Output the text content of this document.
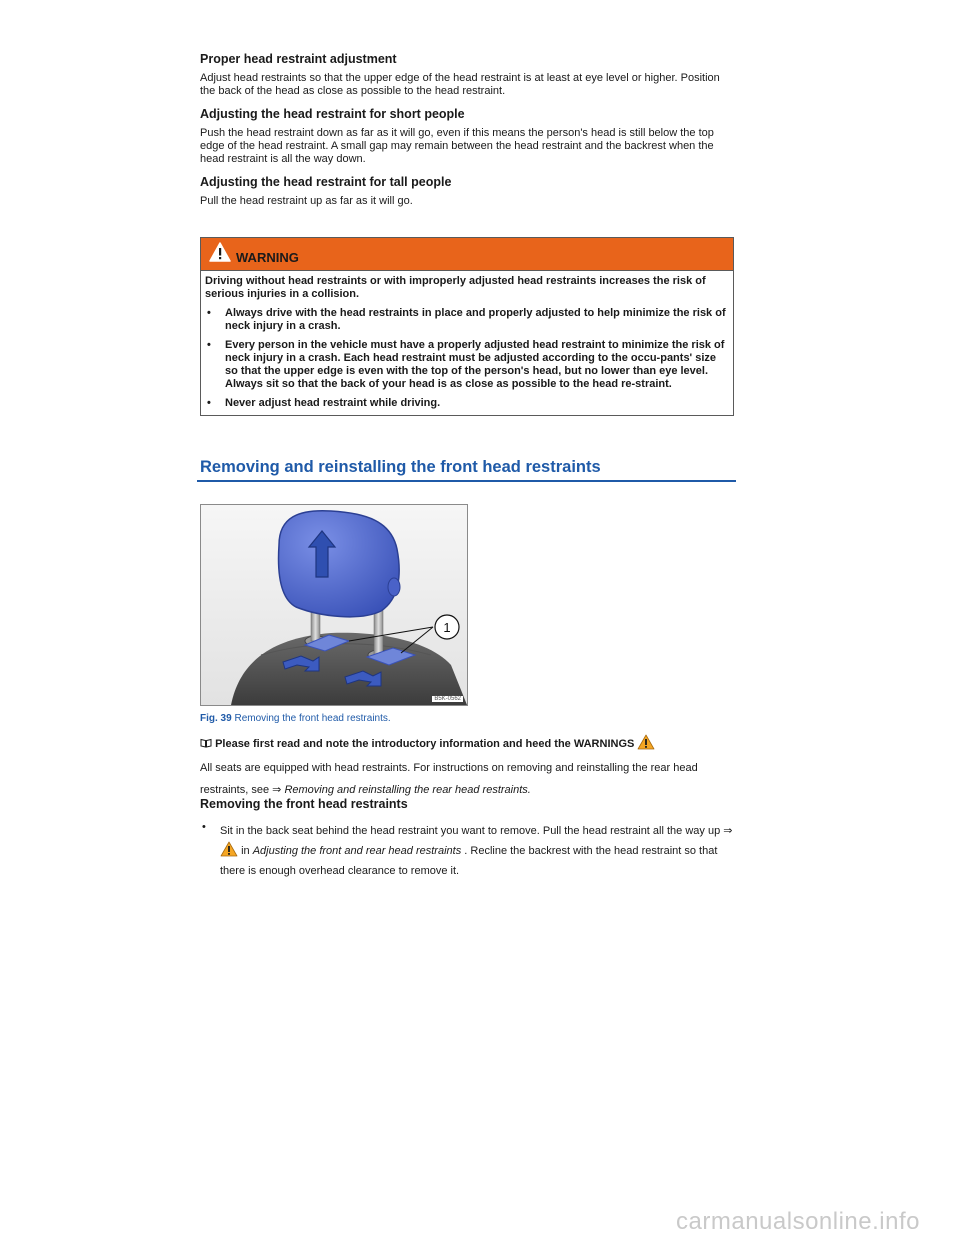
Proper head restraint adjustment

Adjust head restraints so that the upper edge of the head restraint is at least at eye level or higher. Position the back of the head as close as possible to the head restraint.

Adjusting the head restraint for short people

Push the head restraint down as far as it will go, even if this means the person's head is still below the top edge of the head restraint. A small gap may remain between the head restraint and the backrest when the head restraint is all the way down.

Adjusting the head restraint for tall people

Pull the head restraint up as far as it will go.

WARNING

Driving without head restraints or with improperly adjusted head restraints increases the risk of serious injuries in a collision.

•	Always drive with the head restraints in place and properly adjusted to help minimize the risk of neck injury in a crash.
•	Every person in the vehicle must have a properly adjusted head restraint to minimize the risk of neck injury in a crash. Each head restraint must be adjusted according to the occu-pants' size so that the upper edge is even with the top of the person's head, but no lower than eye level. Always sit so that the back of your head is as close as possible to the head re-straint.
•	Never adjust head restraint while driving.
Removing and reinstalling the front head restraints
1
B5K-0562
Fig. 39 Removing the front head restraints.
Please first read and note the introductory information and heed the WARNINGS
All seats are equipped with head restraints. For instructions on removing and reinstalling the rear head restraints, see ⇒ Removing and reinstalling the rear head restraints.
Removing the front head restraints
•	Sit in the back seat behind the head restraint you want to remove. Pull the head restraint all the way up ⇒  in Adjusting the front and rear head restraints . Recline the backrest with the head restraint so that there is enough overhead clearance to remove it.
carmanualsonline.info
